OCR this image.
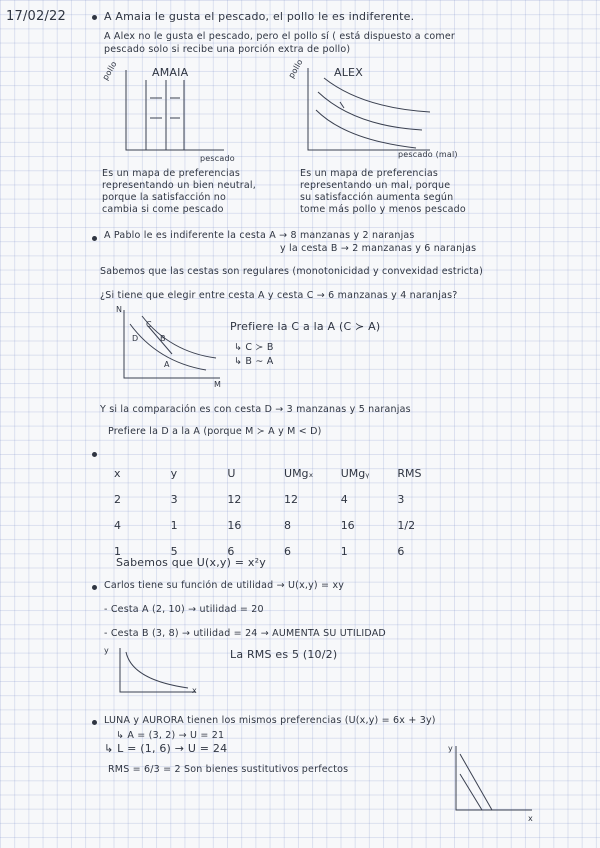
17/02/22	A Amaia le gusta el pescado, el pollo le es indiferente.
A Alex no le gusta el pescado, pero el pollo sí ( está dispuesto a comer
pescado solo si recibe una porción extra de pollo)
AMAIA
pollo
pescado
ALEX
pollo
pescado (mal)
Es un mapa de preferencias
representando un bien neutral,
porque la satisfacción no
cambia si come pescado
Es un mapa de preferencias
representando un mal, porque
su satisfacción aumenta según
tome más pollo y menos pescado
A Pablo le es indiferente la cesta A → 8 manzanas y 2 naranjas
y la cesta B → 2 manzanas y 6 naranjas
Sabemos que las cestas son regulares (monotonicidad y convexidad estricta)
¿Si tiene que elegir entre cesta A y cesta C → 6 manzanas y 4 naranjas?
N
M
C
B
A
D
Prefiere la C a la A (C ≻ A)
↳ C ≻ B
↳ B ∼ A
Y si la comparación es con cesta D → 3 manzanas y 5 naranjas
Prefiere la D a la A (porque M ≻ A y M < D)
x	y	U	UMgₓ	UMgᵧ	RMS
2	3	12	12	4	3
4	1	16	8	16	1/2
1	5	6	6	1	6
Sabemos que U(x,y) = x²y
Carlos tiene su función de utilidad → U(x,y) = xy
- Cesta A (2, 10) → utilidad = 20
- Cesta B (3, 8) → utilidad = 24 → AUMENTA SU UTILIDAD
y
x
La RMS es 5 (10/2)
LUNA y AURORA tienen los mismos preferencias (U(x,y) = 6x + 3y)
↳ A = (3, 2) → U = 21
↳ L = (1, 6) → U = 24
RMS = 6/3 = 2 Son bienes sustitutivos perfectos
y
x
